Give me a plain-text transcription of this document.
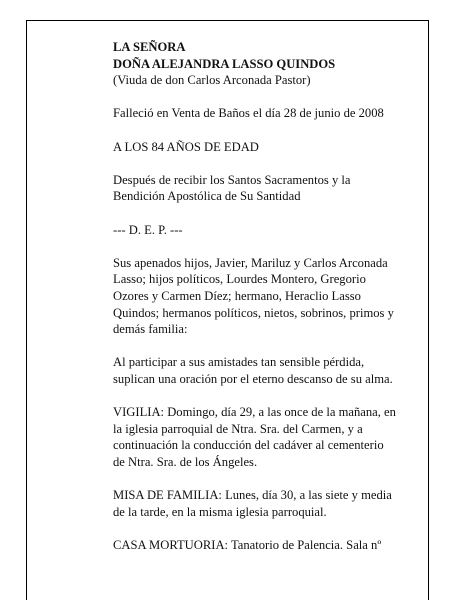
LA SEÑORA
DOÑA ALEJANDRA LASSO QUINDOS
(Viuda de don Carlos Arconada Pastor)

Falleció en Venta de Baños el día 28 de junio de 2008

A LOS 84 AÑOS DE EDAD

Después de recibir los Santos Sacramentos y la
Bendición Apostólica de Su Santidad

--- D. E. P. ---

Sus apenados hijos, Javier, Mariluz y Carlos Arconada
Lasso; hijos políticos, Lourdes Montero, Gregorio
Ozores y Carmen Díez; hermano, Heraclio Lasso
Quindos; hermanos políticos, nietos, sobrinos, primos y
demás familia:

Al participar a sus amistades tan sensible pérdida,
suplican una oración por el eterno descanso de su alma.

VIGILIA: Domingo, día 29, a las once de la mañana, en
la iglesia parroquial de Ntra. Sra. del Carmen, y a
continuación la conducción del cadáver al cementerio
de Ntra. Sra. de los Ángeles.

MISA DE FAMILIA: Lunes, día 30, a las siete y media
de la tarde, en la misma iglesia parroquial.

CASA MORTUORIA: Tanatorio de Palencia. Sala nº
